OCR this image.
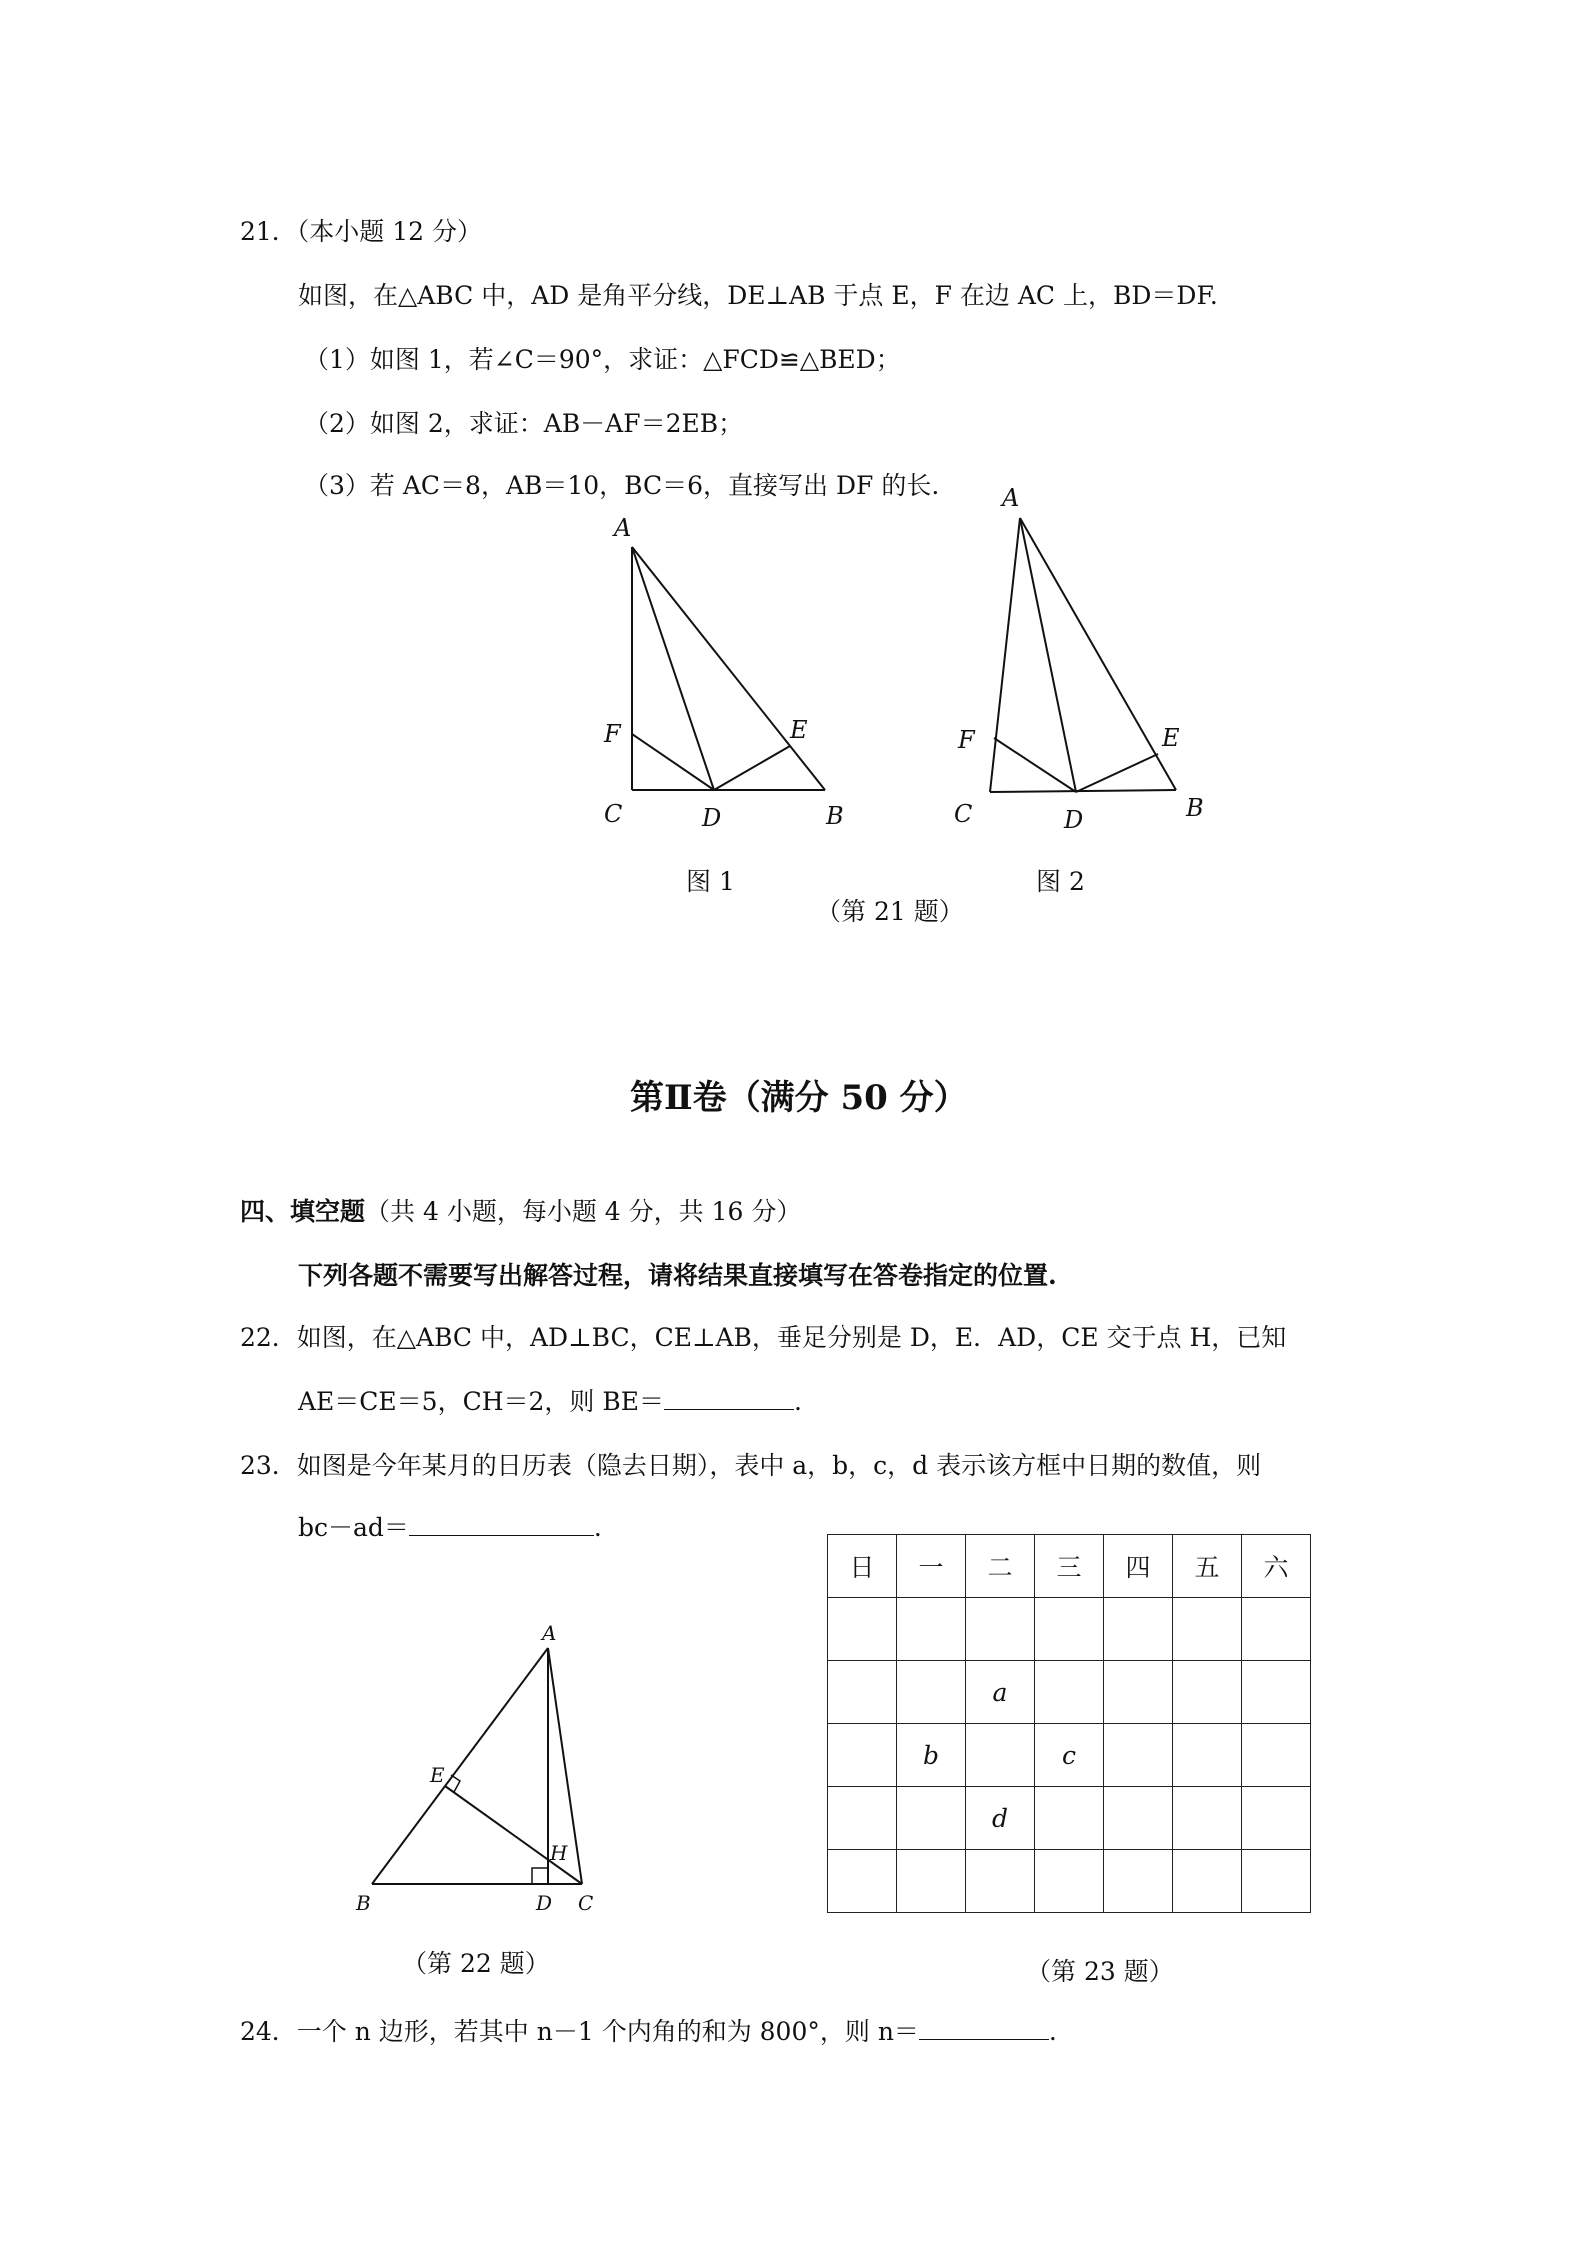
21．（本小题 12 分）
如图，在△ABC 中，AD 是角平分线，DE⊥AB 于点 E，F 在边 AC 上，BD＝DF.
（1）如图 1，若∠C＝90°，求证：△FCD≌△BED；
（2）如图 2，求证：AB－AF＝2EB；
（3）若 AC＝8，AB＝10，BC＝6，直接写出 DF 的长.
A
F
C	D	B
E
图 1
A
F
C	D	B
E
图 2
（第 21 题）
第Ⅱ卷（满分 50 分）
四、填空题（共 4 小题，每小题 4 分，共 16 分）
下列各题不需要写出解答过程，请将结果直接填写在答卷指定的位置.
22．如图，在△ABC 中，AD⊥BC，CE⊥AB，垂足分别是 D，E．AD，CE 交于点 H，已知
AE＝CE＝5，CH＝2，则 BE＝	.
23．如图是今年某月的日历表（隐去日期），表中 a，b，c，d 表示该方框中日期的数值，则
bc－ad＝	.
A
E
H
B	D C
（第 22 题）
日	一	二	三	四	五	六

		a				
	b		c			
		d				

（第 23 题）
24．一个 n 边形，若其中 n－1 个内角的和为 800°，则 n＝	.
